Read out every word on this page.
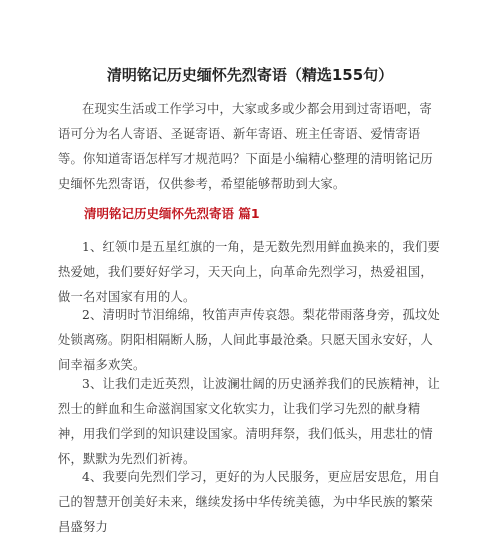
清明铭记历史缅怀先烈寄语（精选155句）

在现实生活或工作学习中，大家或多或少都会用到过寄语吧，寄语可分为名人寄语、圣诞寄语、新年寄语、班主任寄语、爱情寄语等。你知道寄语怎样写才规范吗？下面是小编精心整理的清明铭记历史缅怀先烈寄语，仅供参考，希望能够帮助到大家。

清明铭记历史缅怀先烈寄语 篇1

1、红领巾是五星红旗的一角，是无数先烈用鲜血换来的，我们要热爱她，我们要好好学习，天天向上，向革命先烈学习，热爱祖国，做一名对国家有用的人。

2、清明时节泪绵绵，牧笛声声传哀怨。梨花带雨落身旁，孤坟处处锁离殇。阴阳相隔断人肠，人间此事最沧桑。只愿天国永安好，人间幸福多欢笑。

3、让我们走近英烈，让波澜壮阔的历史涵养我们的民族精神，让烈士的鲜血和生命滋润国家文化软实力，让我们学习先烈的献身精神，用我们学到的知识建设国家。清明拜祭，我们低头，用悲壮的情怀，默默为先烈们祈祷。

4、我要向先烈们学习，更好的为人民服务，更应居安思危，用自己的智慧开创美好未来，继续发扬中华传统美德，为中华民族的繁荣昌盛努力
